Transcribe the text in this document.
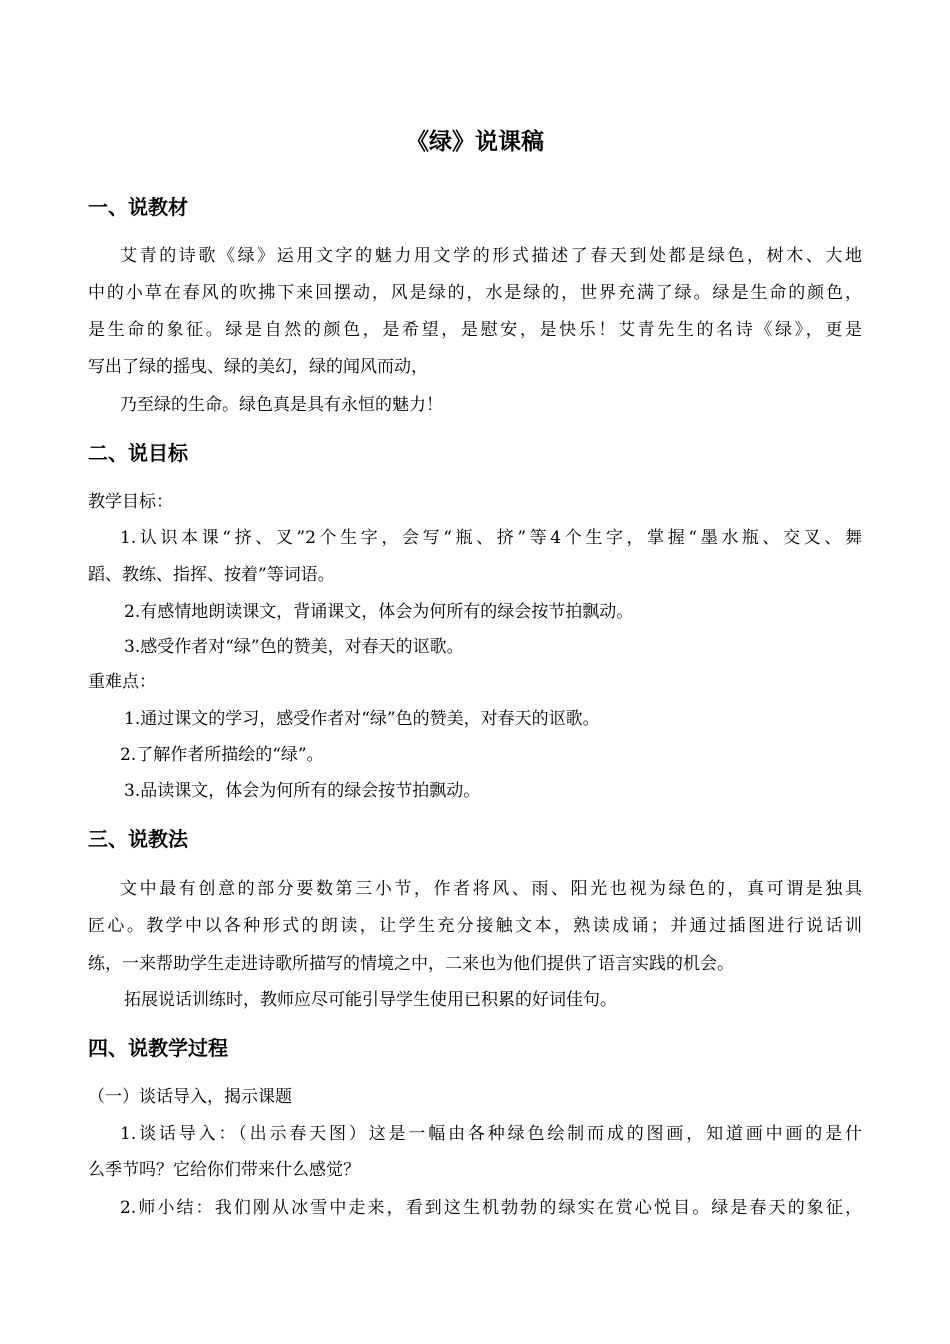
《绿》说课稿
一、说教材
艾青的诗歌《绿》运用文字的魅力用文学的形式描述了春天到处都是绿色，树木、大地
中的小草在春风的吹拂下来回摆动，风是绿的，水是绿的，世界充满了绿。绿是生命的颜色，
是生命的象征。绿是自然的颜色，是希望，是慰安，是快乐！艾青先生的名诗《绿》，更是
写出了绿的摇曳、绿的美幻，绿的闻风而动，
乃至绿的生命。绿色真是具有永恒的魅力！
二、说目标
教学目标：
1.认识本课“挤、叉”2个生字，会写“瓶、挤”等4个生字，掌握“墨水瓶、交叉、舞
蹈、教练、指挥、按着”等词语。
2.有感情地朗读课文，背诵课文，体会为何所有的绿会按节拍飘动。
3.感受作者对“绿”色的赞美，对春天的讴歌。
重难点：
1.通过课文的学习，感受作者对“绿”色的赞美，对春天的讴歌。
2.了解作者所描绘的“绿”。
3.品读课文，体会为何所有的绿会按节拍飘动。
三、说教法
文中最有创意的部分要数第三小节，作者将风、雨、阳光也视为绿色的，真可谓是独具
匠心。教学中以各种形式的朗读，让学生充分接触文本，熟读成诵；并通过插图进行说话训
练，一来帮助学生走进诗歌所描写的情境之中，二来也为他们提供了语言实践的机会。
拓展说话训练时，教师应尽可能引导学生使用已积累的好词佳句。
四、说教学过程
（一）谈话导入，揭示课题
1.谈话导入：（出示春天图）这是一幅由各种绿色绘制而成的图画，知道画中画的是什
么季节吗？它给你们带来什么感觉？
2.师小结：我们刚从冰雪中走来，看到这生机勃勃的绿实在赏心悦目。绿是春天的象征，
